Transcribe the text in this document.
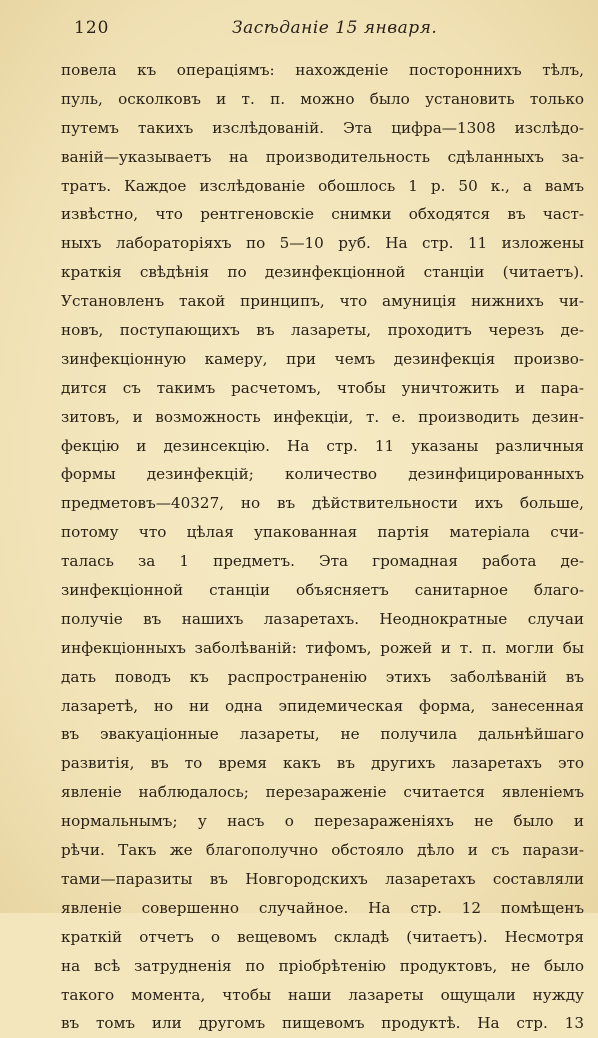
120	Засѣданіе 15 января.
повела къ операціямъ: нахожденіе постороннихъ тѣлъ,
пуль, осколковъ и т. п. можно было установить только
путемъ такихъ изслѣдованій. Эта цифра—1308 изслѣдо-
ваній—указываетъ на производительность сдѣланныхъ за-
тратъ. Каждое изслѣдованіе обошлось 1 р. 50 к., а вамъ
извѣстно, что рентгеновскіе снимки обходятся въ част-
ныхъ лабораторіяхъ по 5—10 руб. На стр. 11 изложены
краткія свѣдѣнія по дезинфекціонной станціи (читаетъ).
Установленъ такой принципъ, что амуниція нижнихъ чи-
новъ, поступающихъ въ лазареты, проходитъ черезъ де-
зинфекціонную камеру, при чемъ дезинфекція произво-
дится съ такимъ расчетомъ, чтобы уничтожить и пара-
зитовъ, и возможность инфекціи, т. е. производить дезин-
фекцію и дезинсекцію. На стр. 11 указаны различныя
формы дезинфекцій; количество дезинфицированныхъ
предметовъ—40327, но въ дѣйствительности ихъ больше,
потому что цѣлая упакованная партія матеріала счи-
талась за 1 предметъ. Эта громадная работа де-
зинфекціонной станціи объясняетъ санитарное благо-
получіе въ нашихъ лазаретахъ. Неоднократные случаи
инфекціонныхъ заболѣваній: тифомъ, рожей и т. п. могли бы
дать поводъ къ распространенію этихъ заболѣваній въ
лазаретѣ, но ни одна эпидемическая форма, занесенная
въ эвакуаціонные лазареты, не получила дальнѣйшаго
развитія, въ то время какъ въ другихъ лазаретахъ это
явленіе наблюдалось; перезараженіе считается явленіемъ
нормальнымъ; у насъ о перезараженіяхъ не было и
рѣчи. Такъ же благополучно обстояло дѣло и съ парази-
тами—паразиты въ Новгородскихъ лазаретахъ составляли
явленіе совершенно случайное. На стр. 12 помѣщенъ
краткій отчетъ о вещевомъ складѣ (читаетъ). Несмотря
на всѣ затрудненія по пріобрѣтенію продуктовъ, не было
такого момента, чтобы наши лазареты ощущали нужду
въ томъ или другомъ пищевомъ продуктѣ. На стр. 13
